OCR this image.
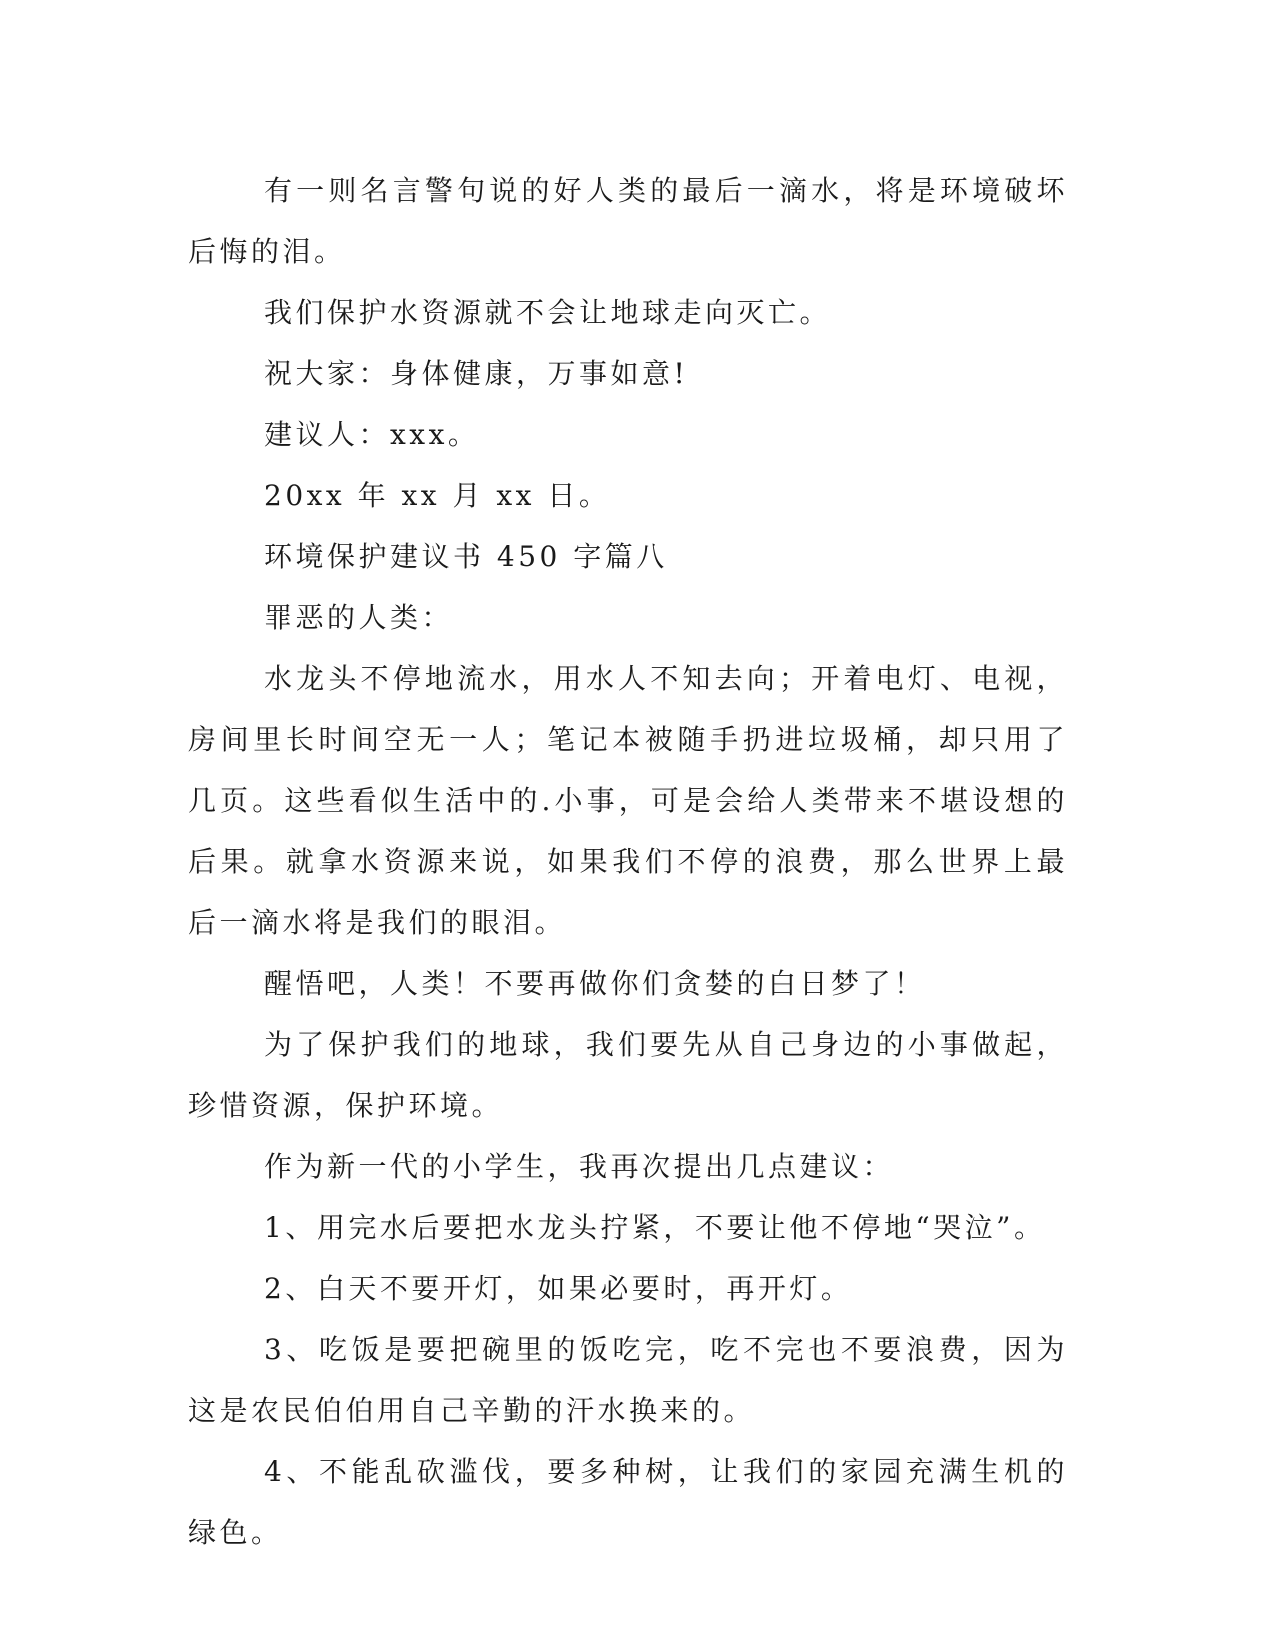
有一则名言警句说的好人类的最后一滴水，将是环境破坏后悔的泪。

我们保护水资源就不会让地球走向灭亡。

祝大家：身体健康，万事如意!

建议人：xxx。

20xx 年 xx 月 xx 日。

环境保护建议书 450 字篇八

罪恶的人类：

水龙头不停地流水，用水人不知去向；开着电灯、电视，房间里长时间空无一人；笔记本被随手扔进垃圾桶，却只用了几页。这些看似生活中的.小事，可是会给人类带来不堪设想的后果。就拿水资源来说，如果我们不停的浪费，那么世界上最后一滴水将是我们的眼泪。

醒悟吧，人类！不要再做你们贪婪的白日梦了！

为了保护我们的地球，我们要先从自己身边的小事做起，珍惜资源，保护环境。

作为新一代的小学生，我再次提出几点建议：

1、用完水后要把水龙头拧紧，不要让他不停地“哭泣”。

2、白天不要开灯，如果必要时，再开灯。

3、吃饭是要把碗里的饭吃完，吃不完也不要浪费，因为这是农民伯伯用自己辛勤的汗水换来的。

4、不能乱砍滥伐，要多种树，让我们的家园充满生机的绿色。
